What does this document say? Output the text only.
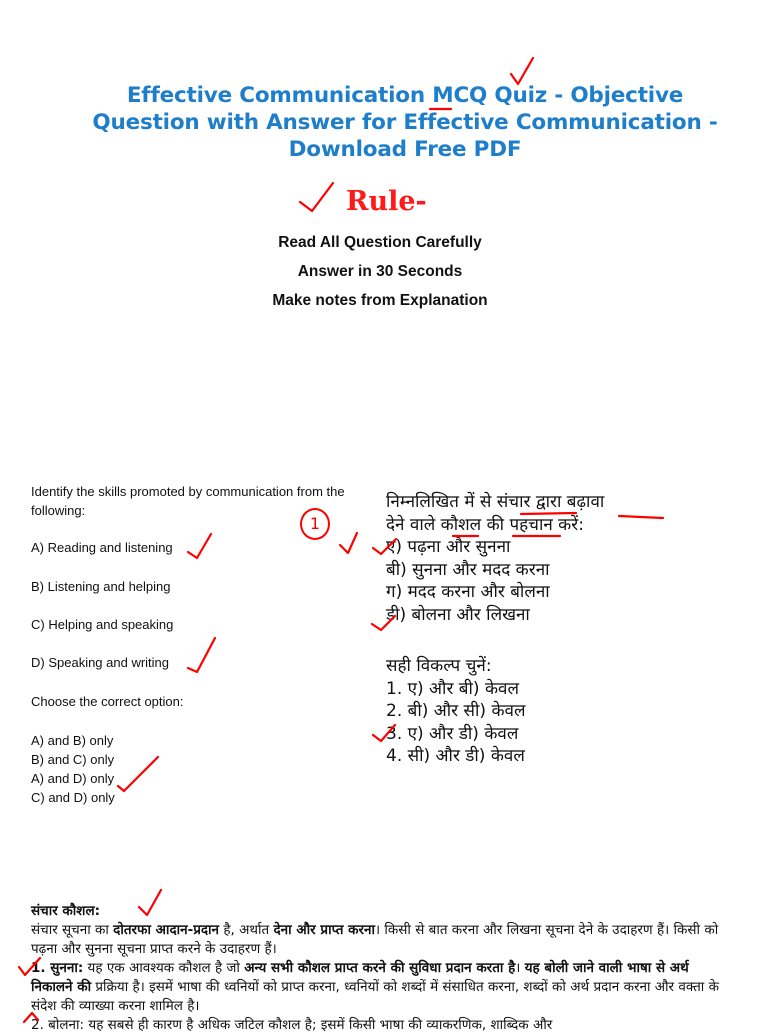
Effective Communication MCQ Quiz - Objective
Question with Answer for Effective Communication -
Download Free PDF
Rule-
Read All Question Carefully
Answer in 30 Seconds
Make notes from Explanation
Identify the skills promoted by communication from the following:
A) Reading and listening
B) Listening and helping
C) Helping and speaking
D) Speaking and writing
Choose the correct option:
A) and B) only
B) and C) only
A) and D) only
C) and D) only
निम्नलिखित में से संचार द्वारा बढ़ावा
देने वाले कौशल की पहचान करें:
ए) पढ़ना और सुनना
बी) सुनना और मदद करना
ग) मदद करना और बोलना
डी) बोलना और लिखना
सही विकल्प चुनें:
1. ए) और बी) केवल
2. बी) और सी) केवल
3. ए) और डी) केवल
4. सी) और डी) केवल
1
संचार कौशल:
संचार सूचना का दोतरफा आदान-प्रदान है, अर्थात देना और प्राप्त करना। किसी से बात करना और लिखना सूचना देने के उदाहरण हैं। किसी को पढ़ना और सुनना सूचना प्राप्त करने के उदाहरण हैं।
1. सुनना: यह एक आवश्यक कौशल है जो अन्य सभी कौशल प्राप्त करने की सुविधा प्रदान करता है। यह बोली जाने वाली भाषा से अर्थ निकालने की प्रक्रिया है। इसमें भाषा की ध्वनियों को प्राप्त करना, ध्वनियों को शब्दों में संसाधित करना, शब्दों को अर्थ प्रदान करना और वक्ता के संदेश की व्याख्या करना शामिल है।
2. बोलना: यह सबसे ही कारण है अधिक जटिल कौशल है; इसमें किसी भाषा की व्याकरणिक, शाब्दिक और
